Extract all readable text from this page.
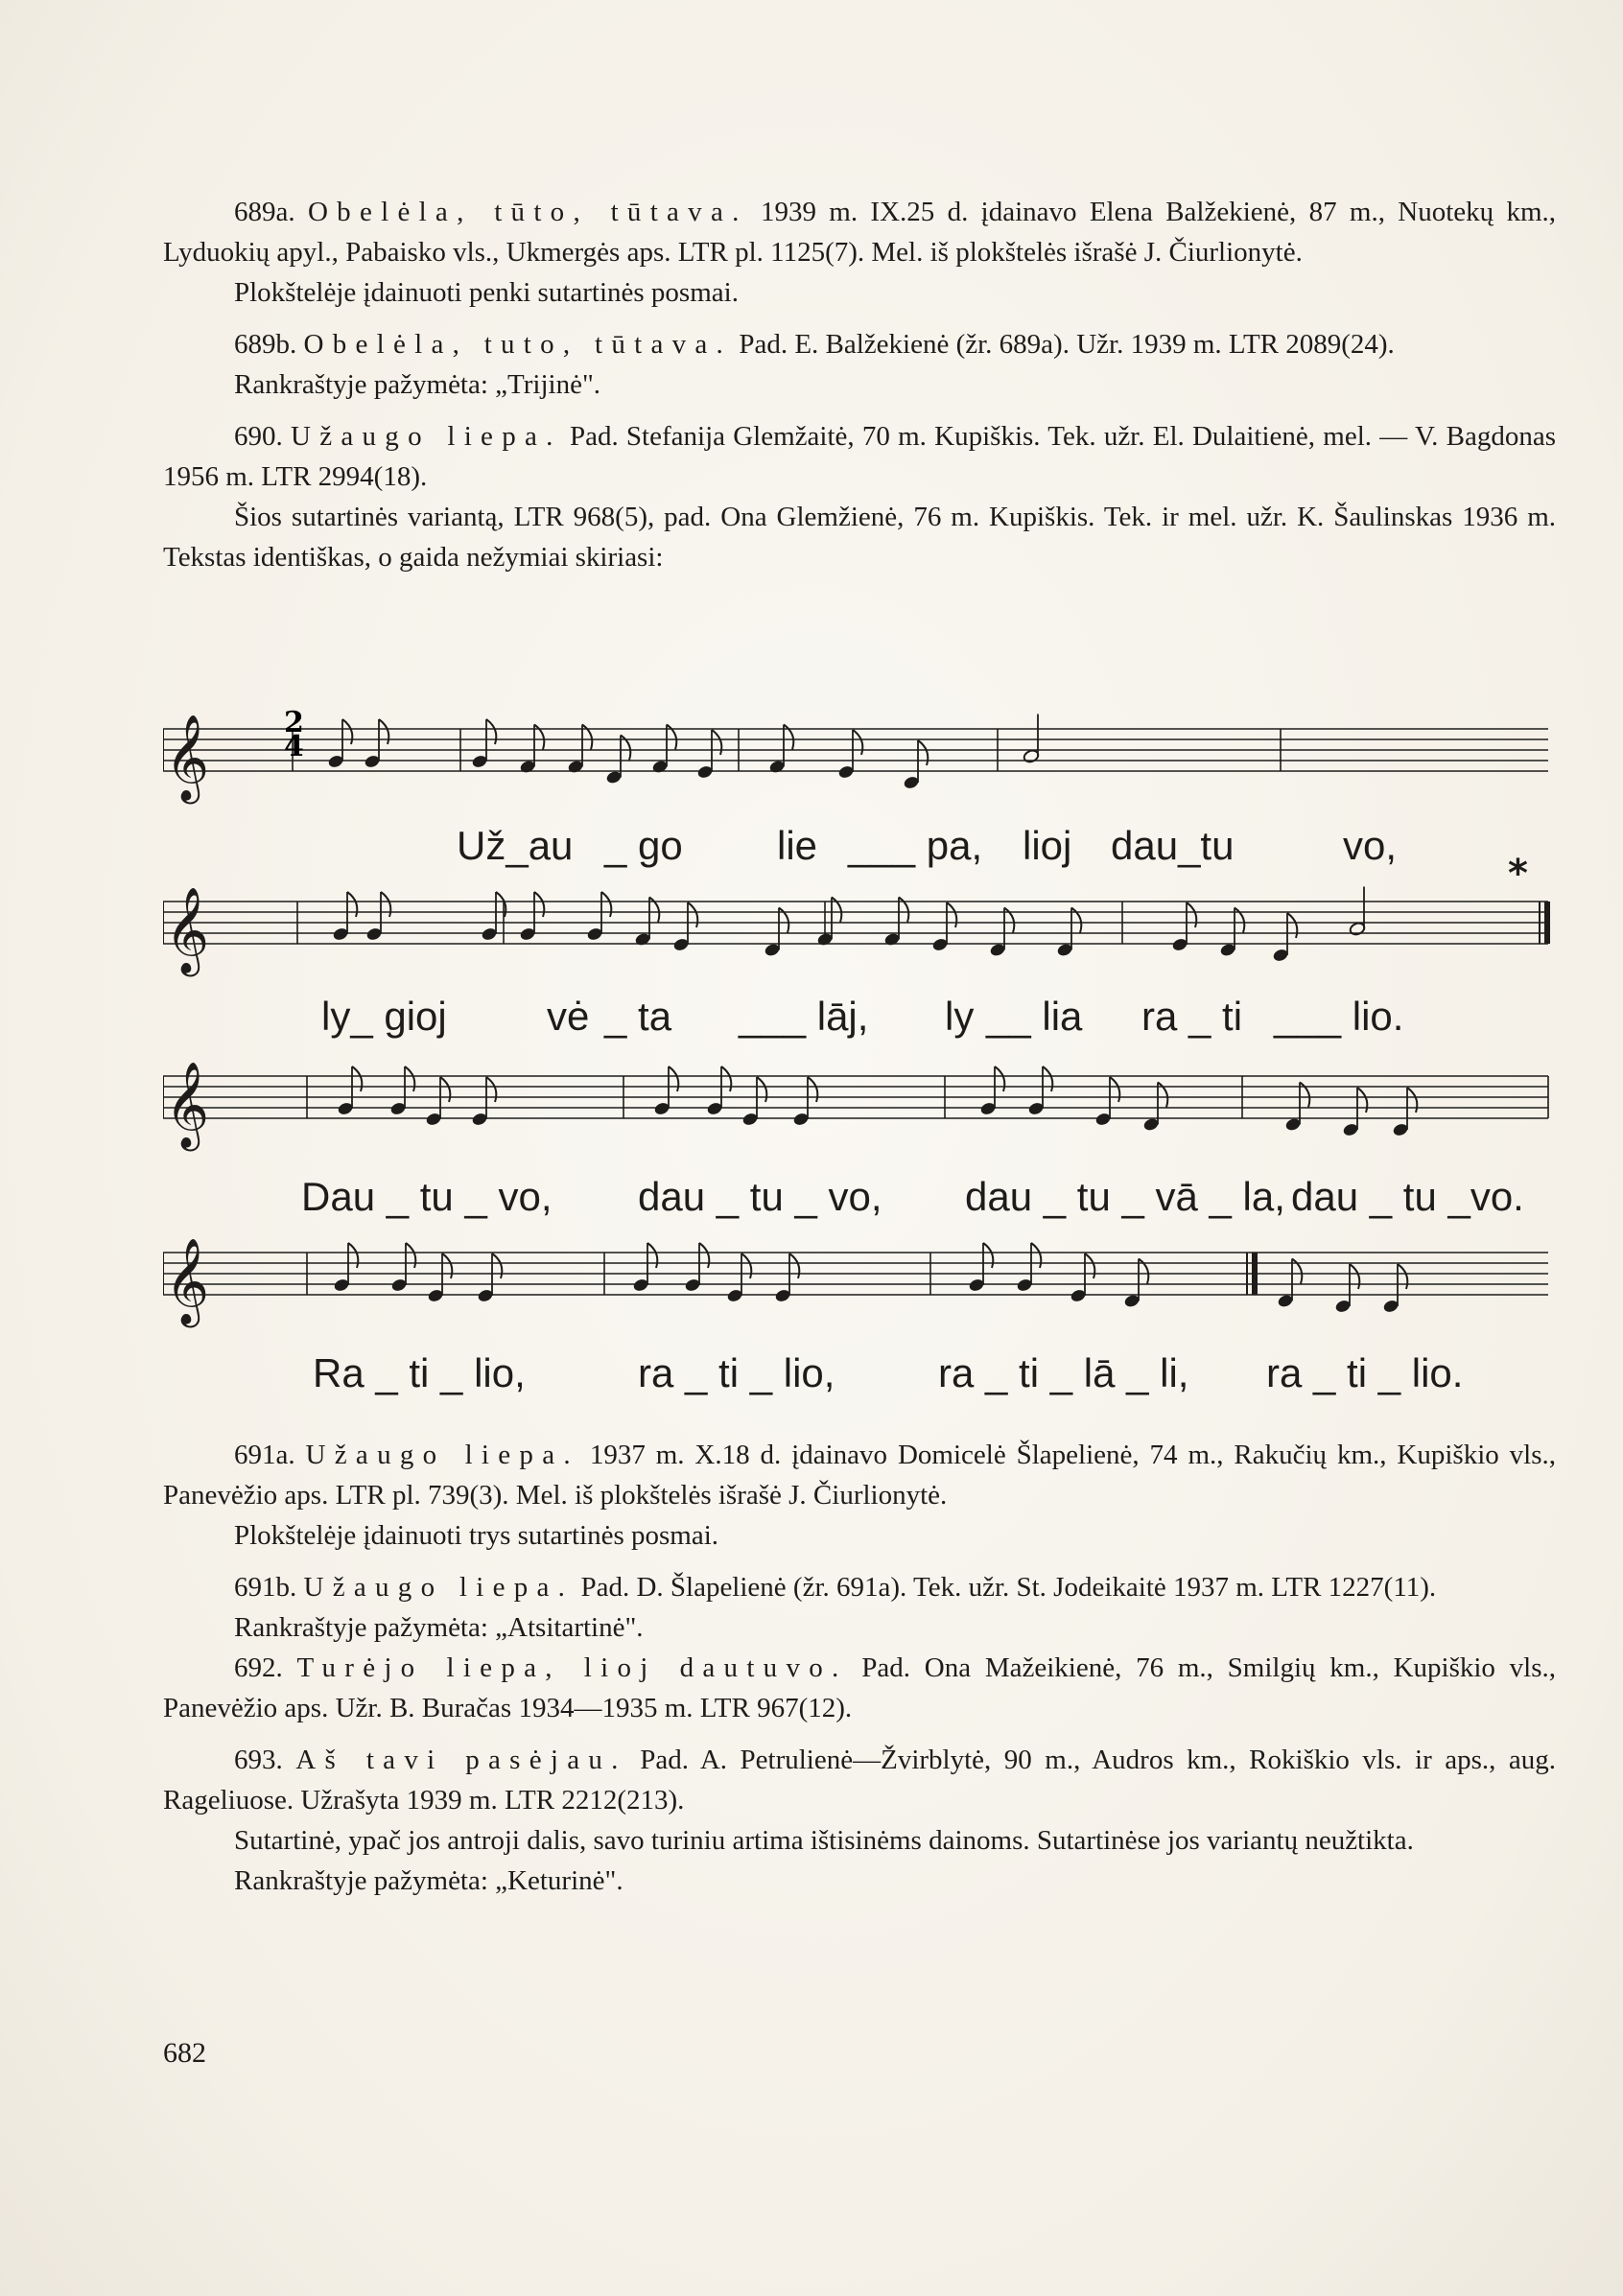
689a. Obelėla, tūto, tūtava. 1939 m. IX.25 d. įdainavo Elena Balžekienė, 87 m., Nuotekų km., Lyduokių apyl., Pabaisko vls., Ukmergės aps. LTR pl. 1125(7). Mel. iš plokštelės išrašė J. Čiurlionytė.

Plokštelėje įdainuoti penki sutartinės posmai.

689b. Obelėla, tuto, tūtava. Pad. E. Balžekienė (žr. 689a). Užr. 1939 m. LTR 2089(24).

Rankraštyje pažymėta: „Trijinė".

690. Užaugo liepa. Pad. Stefanija Glemžaitė, 70 m. Kupiškis. Tek. užr. El. Dulaitienė, mel. — V. Bagdonas 1956 m. LTR 2994(18).

Šios sutartinės variantą, LTR 968(5), pad. Ona Glemžienė, 76 m. Kupiškis. Tek. ir mel. užr. K. Šaulinskas 1936 m. Tekstas identiškas, o gaida nežymiai skiriasi:

𝄞
𝄞
𝄞
𝄞
2
4
*
Už_au _ go lie ___ pa, lioj dau_tu	vo,
ly_ gioj vė _ ta ___ lāj, ly __ lia ra _ ti ___ lio.
Dau _ tu _ vo, dau _ tu _ vo, dau _ tu _ vā _ la, dau _ tu _vo.
Ra _ ti _ lio,	ra _ ti _ lio,	ra _ ti _ lā _ li, ra _ ti _ lio.

691a. Užaugo liepa. 1937 m. X.18 d. įdainavo Domicelė Šlapelienė, 74 m., Rakučių km., Kupiškio vls., Panevėžio aps. LTR pl. 739(3). Mel. iš plokštelės išrašė J. Čiurlionytė.

Plokštelėje įdainuoti trys sutartinės posmai.

691b. Užaugo liepa. Pad. D. Šlapelienė (žr. 691a). Tek. užr. St. Jodeikaitė 1937 m. LTR 1227(11).

Rankraštyje pažymėta: „Atsitartinė".

692. Turėjo liepa, lioj dautuvo. Pad. Ona Mažeikienė, 76 m., Smilgių km., Kupiškio vls., Panevėžio aps. Užr. B. Buračas 1934—1935 m. LTR 967(12).

693. Aš tavi pasėjau. Pad. A. Petrulienė—Žvirblytė, 90 m., Audros km., Rokiškio vls. ir aps., aug. Rageliuose. Užrašyta 1939 m. LTR 2212(213).

Sutartinė, ypač jos antroji dalis, savo turiniu artima ištisinėms dainoms. Sutartinėse jos variantų neužtikta.

Rankraštyje pažymėta: „Keturinė".

682
